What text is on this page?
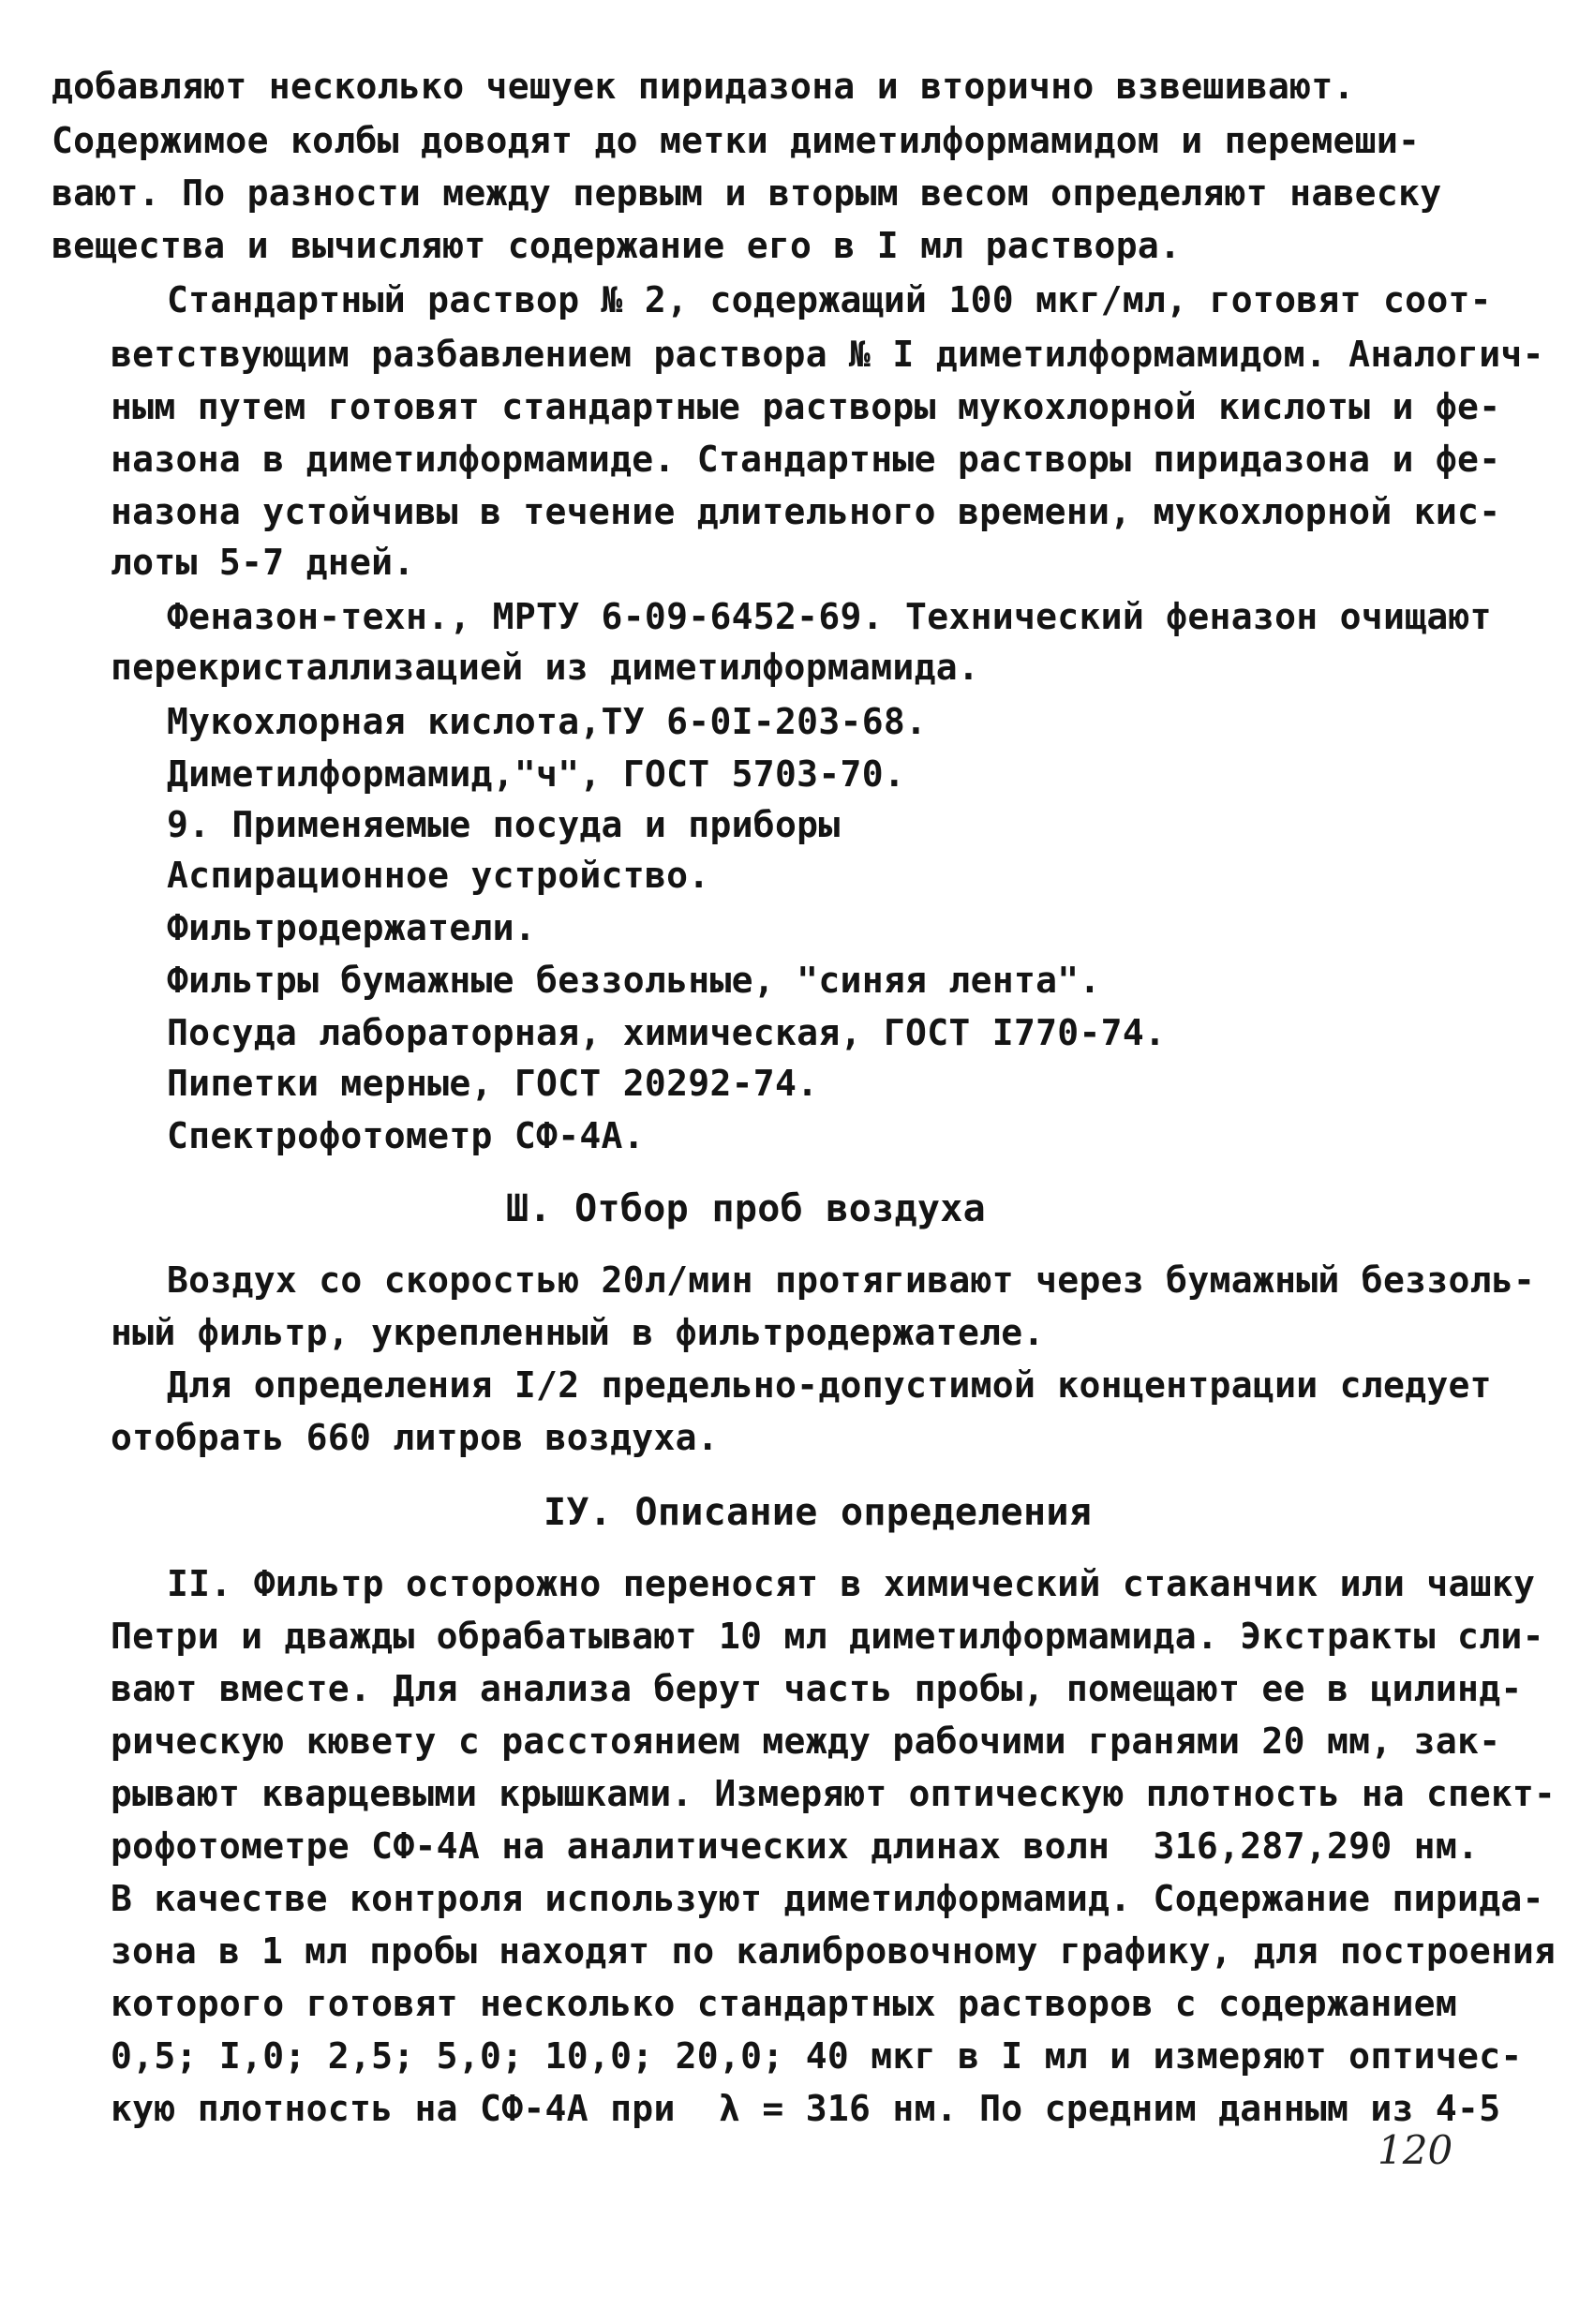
добавляют несколько чешуек пиридазона и вторично взвешивают.
Содержимое колбы доводят до метки диметилформамидом и перемеши-
вают. По разности между первым и вторым весом определяют навеску
вещества и вычисляют содержание его в I мл раствора.
Стандартный раствор № 2, содержащий 100 мкг/мл, готовят соот-
ветствующим разбавлением раствора № I диметилформамидом. Аналогич-
ным путем готовят стандартные растворы мукохлорной кислоты и фе-
назона в диметилформамиде. Стандартные растворы пиридазона и фе-
назона устойчивы в течение длительного времени, мукохлорной кис-
лоты 5-7 дней.
Феназон-техн., МРТУ 6-09-6452-69. Технический феназон очищают
перекристаллизацией из диметилформамида.
Мукохлорная кислота,ТУ 6-0I-203-68.
Диметилформамид,"ч", ГОСТ 5703-70.
9. Применяемые посуда и приборы
Аспирационное устройство.
Фильтродержатели.
Фильтры бумажные беззольные, "синяя лента".
Посуда лабораторная, химическая, ГОСТ I770-74.
Пипетки мерные, ГОСТ 20292-74.
Спектрофотометр СФ-4А.
Ш. Отбор проб воздуха
Воздух со скоростью 20л/мин протягивают через бумажный беззоль-
ный фильтр, укрепленный в фильтродержателе.
Для определения I/2 предельно-допустимой концентрации следует
отобрать 660 литров воздуха.
IУ. Описание определения
II. Фильтр осторожно переносят в химический стаканчик или чашку
Петри и дважды обрабатывают 10 мл диметилформамида. Экстракты сли-
вают вместе. Для анализа берут часть пробы, помещают ее в цилинд-
рическую кювету с расстоянием между рабочими гранями 20 мм, зак-
рывают кварцевыми крышками. Измеряют оптическую плотность на спект-
рофотометре СФ-4А на аналитических длинах волн  316,287,290 нм.
В качестве контроля используют диметилформамид. Содержание пирида-
зона в 1 мл пробы находят по калибровочному графику, для построения
которого готовят несколько стандартных растворов с содержанием
0,5; I,0; 2,5; 5,0; 10,0; 20,0; 40 мкг в I мл и измеряют оптичес-
кую плотность на СФ-4А при  λ = 316 нм. По средним данным из 4-5
120
